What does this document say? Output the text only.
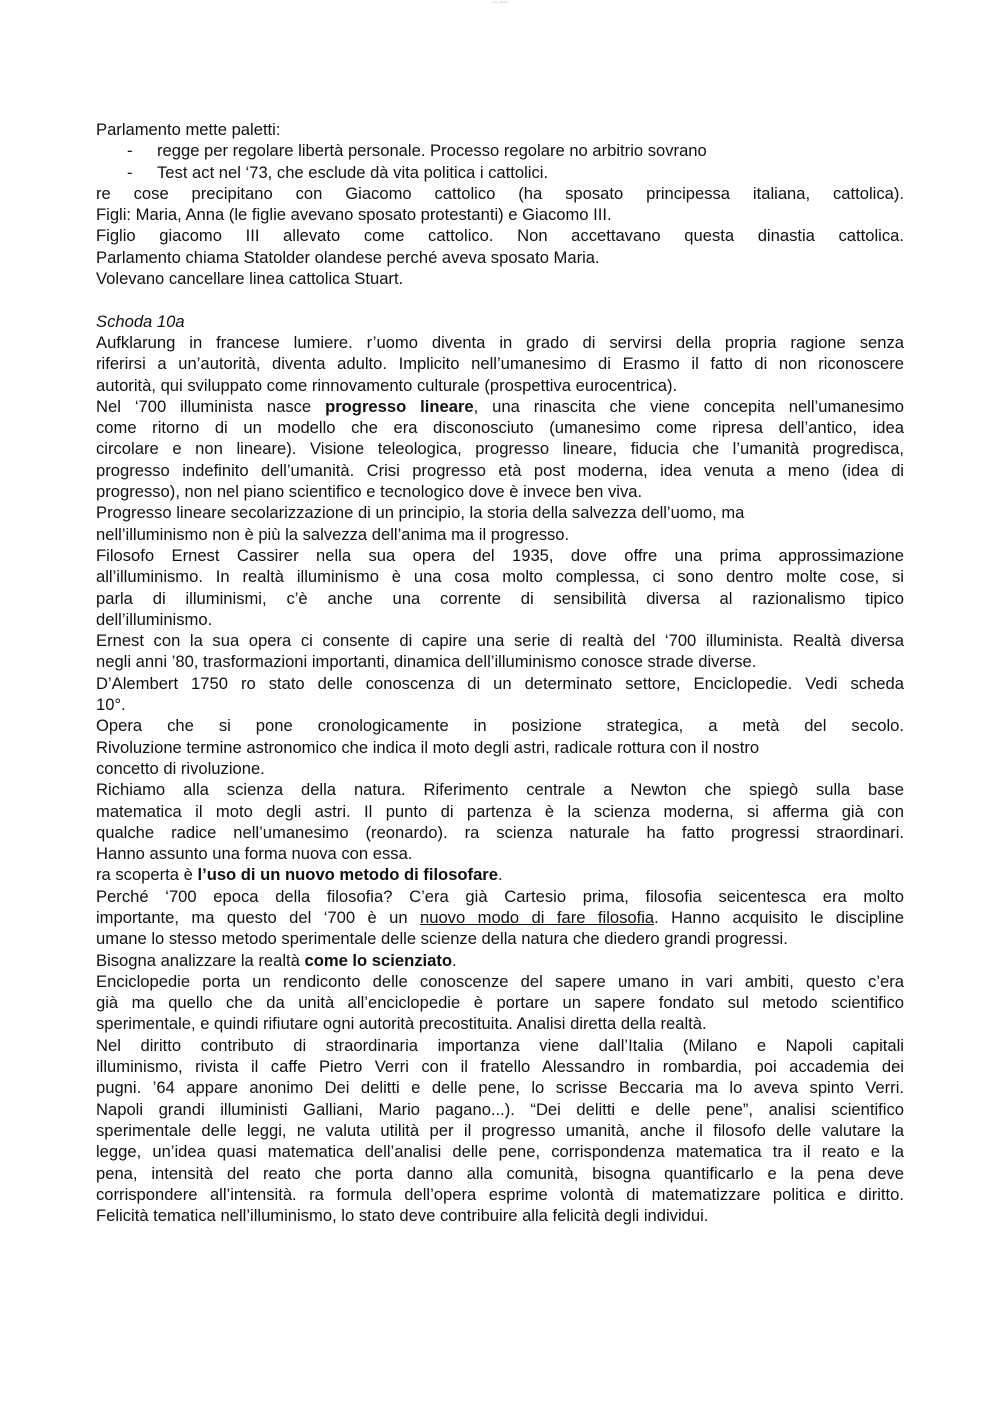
note_ottobre

Parlamento mette paletti:

- regge per regolare libertà personale. Processo regolare no arbitrio sovrano
- Test act nel ‘73, che esclude dà vita politica i cattolici.

re cose precipitano con Giacomo cattolico (ha sposato principessa italiana, cattolica).

Figli: Maria, Anna (le figlie avevano sposato protestanti) e Giacomo III.

Figlio giacomo III allevato come cattolico. Non accettavano questa dinastia cattolica.

Parlamento chiama Statolder olandese perché aveva sposato Maria.

Volevano cancellare linea cattolica Stuart.

Schoda 10a

Aufklarung in francese lumiere. r’uomo diventa in grado di servirsi della propria ragione senza

riferirsi a un’autorità, diventa adulto. Implicito nell’umanesimo di Erasmo il fatto di non riconoscere

autorità, qui sviluppato come rinnovamento culturale (prospettiva eurocentrica).

Nel ‘700 illuminista nasce progresso lineare, una rinascita che viene concepita nell’umanesimo

come ritorno di un modello che era disconosciuto (umanesimo come ripresa dell’antico, idea

circolare e non lineare). Visione teleologica, progresso lineare, fiducia che l’umanità progredisca,

progresso indefinito dell’umanità. Crisi progresso età post moderna, idea venuta a meno (idea di

progresso), non nel piano scientifico e tecnologico dove è invece ben viva.

Progresso lineare secolarizzazione di un principio, la storia della salvezza dell’uomo, ma

nell’illuminismo non è più la salvezza dell’anima ma il progresso.

Filosofo Ernest Cassirer nella sua opera del 1935, dove offre una prima approssimazione

all’illuminismo. In realtà illuminismo è una cosa molto complessa, ci sono dentro molte cose, si

parla di illuminismi, c’è anche una corrente di sensibilità diversa al razionalismo tipico

dell’illuminismo.

Ernest con la sua opera ci consente di capire una serie di realtà del ‘700 illuminista. Realtà diversa

negli anni ’80, trasformazioni importanti, dinamica dell’illuminismo conosce strade diverse.

D’Alembert 1750 ro stato delle conoscenza di un determinato settore, Enciclopedie. Vedi scheda

10°.

Opera che si pone cronologicamente in posizione strategica, a metà del secolo.

Rivoluzione termine astronomico che indica il moto degli astri, radicale rottura con il nostro

concetto di rivoluzione.

Richiamo alla scienza della natura. Riferimento centrale a Newton che spiegò sulla base

matematica il moto degli astri. Il punto di partenza è la scienza moderna, si afferma già con

qualche radice nell’umanesimo (reonardo). ra scienza naturale ha fatto progressi straordinari.

Hanno assunto una forma nuova con essa.

ra scoperta è l’uso di un nuovo metodo di filosofare.

Perché ‘700 epoca della filosofia? C’era già Cartesio prima, filosofia seicentesca era molto

importante, ma questo del ‘700 è un nuovo modo di fare filosofia. Hanno acquisito le discipline

umane lo stesso metodo sperimentale delle scienze della natura che diedero grandi progressi.

Bisogna analizzare la realtà come lo scienziato.

Enciclopedie porta un rendiconto delle conoscenze del sapere umano in vari ambiti, questo c’era

già ma quello che da unità all’enciclopedie è portare un sapere fondato sul metodo scientifico

sperimentale, e quindi rifiutare ogni autorità precostituita. Analisi diretta della realtà.

Nel diritto contributo di straordinaria importanza viene dall’Italia (Milano e Napoli capitali

illuminismo, rivista il caffe Pietro Verri con il fratello Alessandro in rombardia, poi accademia dei

pugni. ’64 appare anonimo Dei delitti e delle pene, lo scrisse Beccaria ma lo aveva spinto Verri.

Napoli grandi illuministi Galliani, Mario pagano...). “Dei delitti e delle pene”, analisi scientifico

sperimentale delle leggi, ne valuta utilità per il progresso umanità, anche il filosofo delle valutare la

legge, un’idea quasi matematica dell’analisi delle pene, corrispondenza matematica tra il reato e la

pena, intensità del reato che porta danno alla comunità, bisogna quantificarlo e la pena deve

corrispondere all’intensità. ra formula dell’opera esprime volontà di matematizzare politica e diritto.

Felicità tematica nell’illuminismo, lo stato deve contribuire alla felicità degli individui.
